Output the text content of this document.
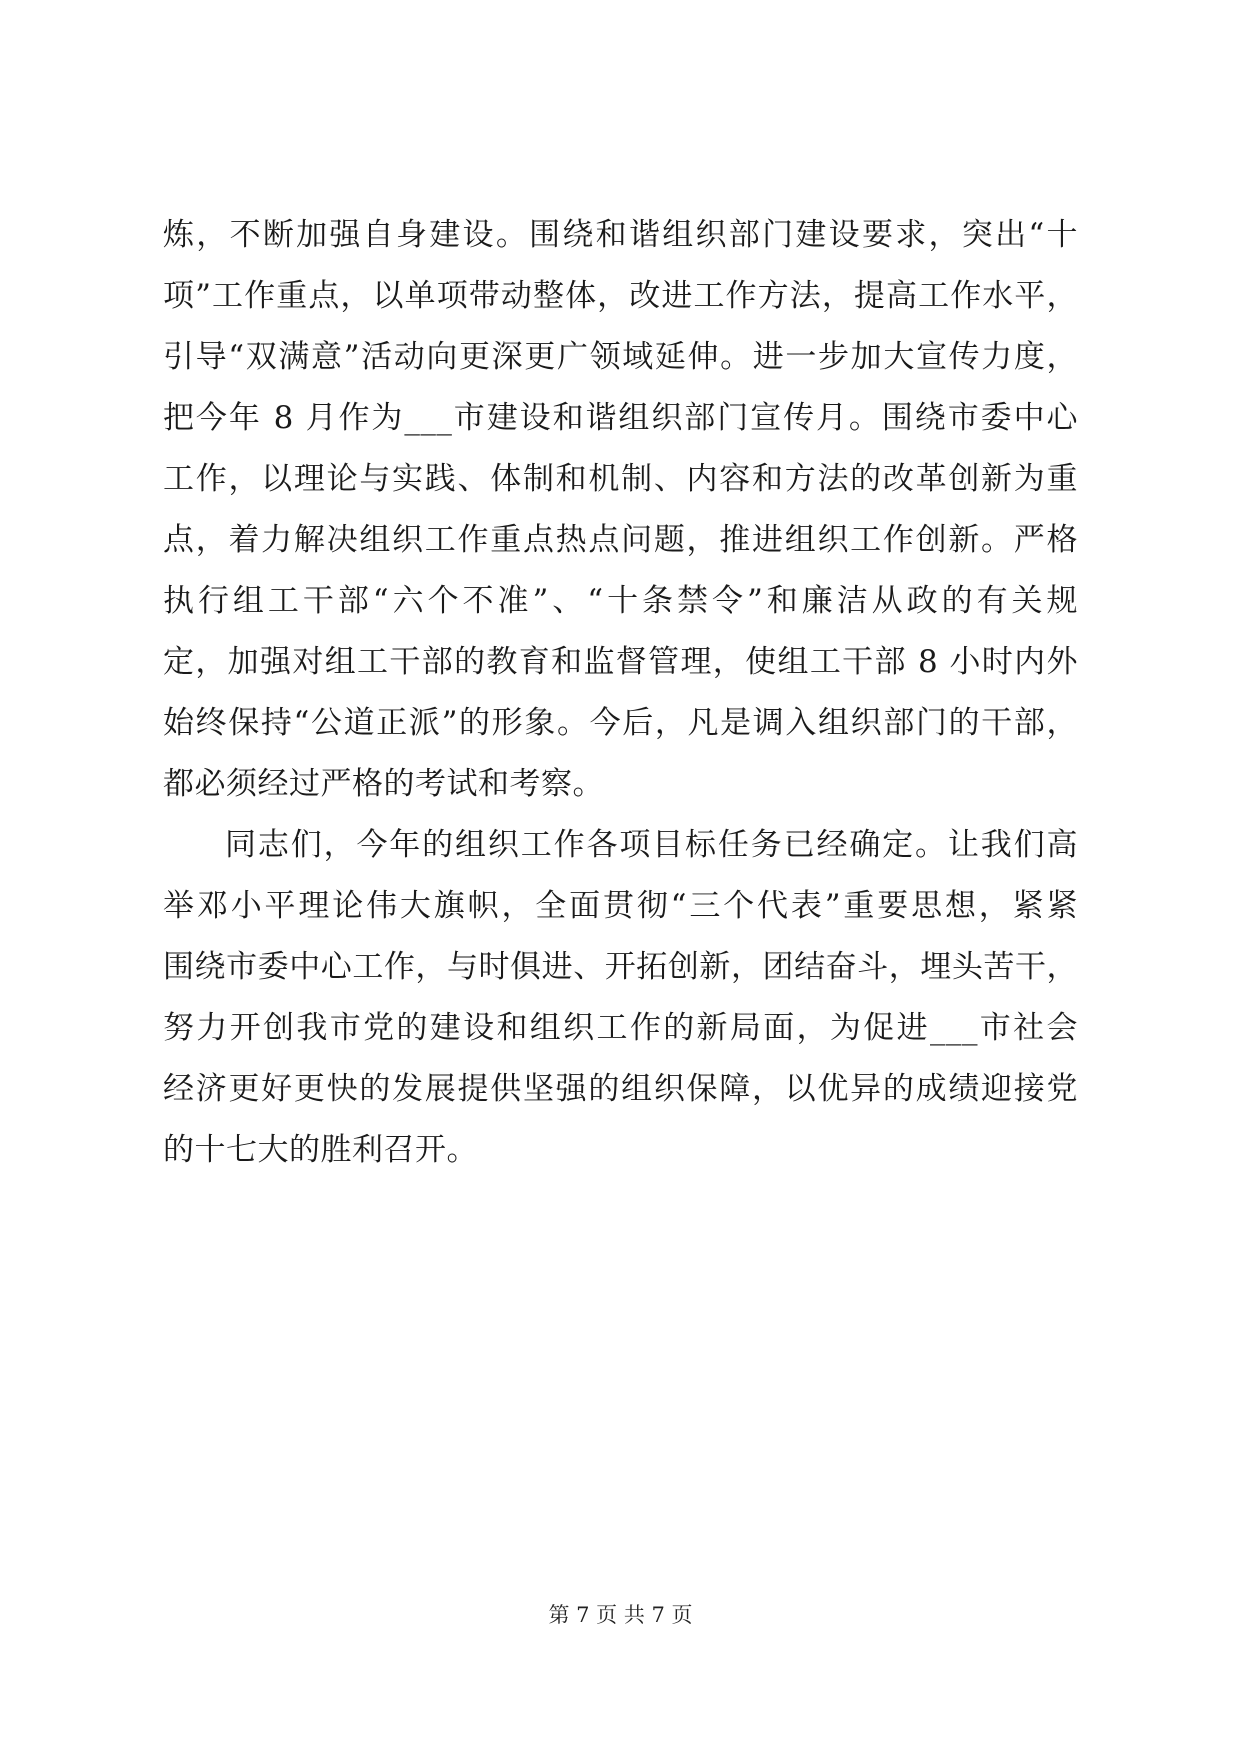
炼，不断加强自身建设。围绕和谐组织部门建设要求，突出“十
项”工作重点，以单项带动整体，改进工作方法，提高工作水平，
引导“双满意”活动向更深更广领域延伸。进一步加大宣传力度，
把今年 8 月作为___市建设和谐组织部门宣传月。围绕市委中心
工作，以理论与实践、体制和机制、内容和方法的改革创新为重
点，着力解决组织工作重点热点问题，推进组织工作创新。严格
执行组工干部“六个不准”、“十条禁令”和廉洁从政的有关规
定，加强对组工干部的教育和监督管理，使组工干部 8 小时内外
始终保持“公道正派”的形象。今后，凡是调入组织部门的干部，
都必须经过严格的考试和考察。
同志们，今年的组织工作各项目标任务已经确定。让我们高
举邓小平理论伟大旗帜，全面贯彻“三个代表”重要思想，紧紧
围绕市委中心工作，与时俱进、开拓创新，团结奋斗，埋头苦干，
努力开创我市党的建设和组织工作的新局面，为促进___市社会
经济更好更快的发展提供坚强的组织保障，以优异的成绩迎接党
的十七大的胜利召开。
第 7 页 共 7 页
